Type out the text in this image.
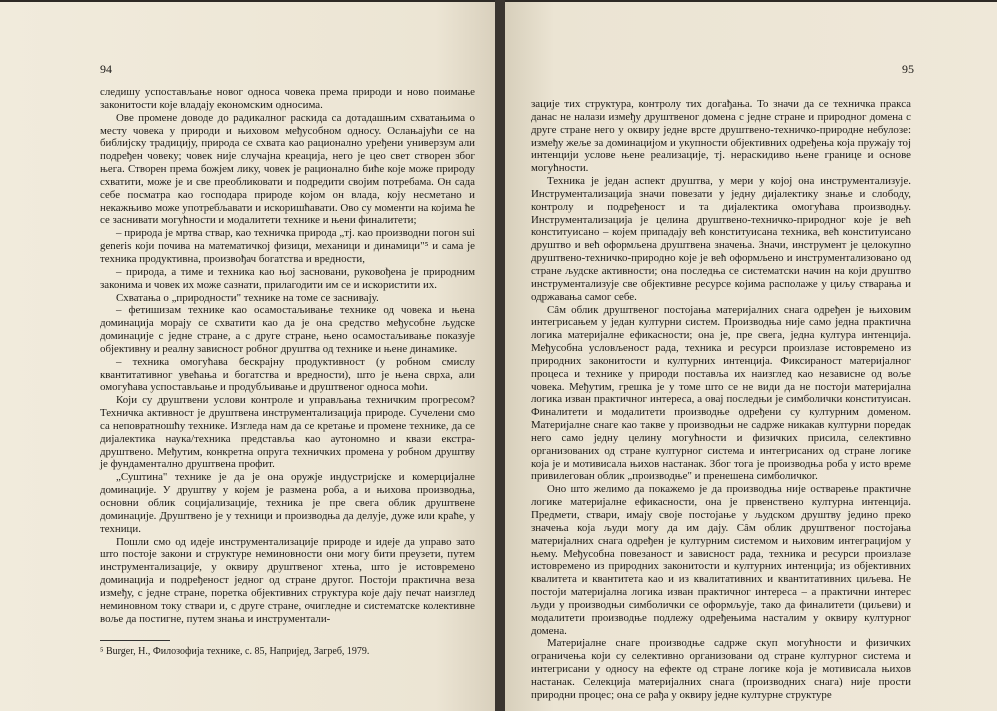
94

следишу успостављање новог односа човека према природи и ново поимање законитости које владају економским односима.

Ове промене доводе до радикалног раскида са дотадашњим схватањима о месту човека у природи и њиховом међусобном односу. Ослањајући се на библијску традицију, природа се схвата као рационално уређени универзум али подређен човеку; човек није случајна креација, него је цео свет створен због њега. Створен према божјем лику, човек је рационално биће које може природу схватити, може је и све преобликовати и подредити својим потребама. Он сада себе посматра као господара природе којом он влада, коју несметано и некажњиво може употребљавати и искоришћавати. Ово су моменти на којима ће се заснивати могућности и модалитети технике и њени финалитети;

– природа је мртва ствар, као техничка природа „тј. као производни погон sui generis који почива на математичкој физици, механици и динамици"⁵ и сама је техника продуктивна, произвођач богатства и вредности,

– природа, а тиме и техника као њој засновани, руковођена је природним законима и човек их може сазнати, прилагодити им се и искористити их.

Схватања о „природности" технике на томе се заснивају.

– фетишизам технике као осамостаљивање технике од човека и њена доминација морају се схватити као да је она средство међусобне људске доминације с једне стране, а с друге стране, њено осамостаљивање показује објективну и реалну зависност робног друштва од технике и њене динамике.

– техника омогућава бескрајну продуктивност (у робном смислу квантитативног увећања и богатства и вредности), што је њена сврха, али омогућава успостављање и продубљивање и друштвеног односа моћи.

Који су друштвени услови контроле и управљања техничким прогресом? Техничка активност је друштвена инструментализација природе. Сучелени смо са неповратношћу технике. Изгледа нам да се кретање и промене технике, да се дијалектика наука/техника представља као аутономно и квази екстра-друштвено. Међутим, конкретна опруга техничких промена у робном друштву је фундаментално друштвена профит.

„Суштина" технике је да је она оружје индустријске и комерцијалне доминације. У друштву у којем је размена роба, а и њихова производња, основни облик социјализације, техника је пре свега облик друштвене доминације. Друштвено је у техници и производња да делује, дуже или краће, у техници.

Пошли смо од идеје инструментализације природе и идеје да управо зато што постоје закони и структуре неминовности они могу бити преузети, путем инструментализације, у оквиру друштвеног хтења, што је истовремено доминација и подређеност једног од стране другог. Постоји практична веза између, с једне стране, поретка објективних структура које дају печат наизглед неминовном току ствари и, с друге стране, очигледне и систематске колективне воље да постигне, путем знања и инструментали-

⁵ Burger, H., Филозофија технике, с. 85, Напријед, Загреб, 1979.
95

зације тих структура, контролу тих догађања. То значи да се техничка пракса данас не налази између друштвеног домена с једне стране и природног домена с друге стране него у оквиру једне врсте друштвено-техничко-природне небулозе: између жеље за доминацијом и укупности објективних одређења која пружају тој интенцији услове њене реализације, тј. нераскидиво њене границе и основе могућности.

Техника је један аспект друштва, у мери у којој она инструментализује. Инструментализација значи повезати у једну дијалектику знање и слободу, контролу и подређеност и та дијалектика омогућава производњу. Инструментализација је целина друштвено-техничко-природног које је већ конституисано – којем припадају већ конституисана техника, већ конституисано друштво и већ оформљена друштвена значења. Значи, инструмент је целокупно друштвено-техничко-природно које је већ оформљено и инструментализовано од стране људске активности; она последња се систематски начин на који друштво инструментализује све објективне ресурсе којима располаже у циљу стварања и одржавања самог себе.

Сâм облик друштвеног постојања материјалних снага одређен је њиховим интегрисањем у један културни систем. Производња није само једна практична логика материјалне ефикасности; она је, пре свега, једна култура интенција. Међусобна условљеност рада, техника и ресурси произлазе истовремено из природних законитости и културних интенција. Фиксираност материјалног процеса и технике у природи поставља их наизглед као независне од воље човека. Међутим, грешка је у томе што се не види да не постоји материјална логика изван практичног интереса, а овај последњи је симболички конституисан. Финалитети и модалитети производње одређени су културним доменом. Материјалне снаге као такве у производњи не садрже никакав културни поредак него само једну целину могућности и физичких присила, селективно организованих од стране културног система и интегрисаних од стране логике која је и мотивисала њихов настанак. Због тога је производња роба у исто време привилегован облик „производње" и пренешена симболичког.

Оно што желимо да покажемо је да производња није остварење практичне логике материјалне ефикасности, она је првенствено културна интенција. Предмети, ствари, имају своје постојање у људском друштву једино преко значења која људи могу да им дају. Сâм облик друштвеног постојања материјалних снага одређен је културним системом и њиховим интеграцијом у њему. Међусобна повезаност и зависност рада, техника и ресурси произлазе истовремено из природних законитости и културних интенција; из објективних квалитета и квантитета као и из квалитативних и квантитативних циљева. Не постоји материјална логика изван практичног интереса – а практични интерес људи у производњи симболички се оформљује, тако да финалитети (циљеви) и модалитети производње подлежу одређењима насталим у оквиру културног домена.

Материјалне снаге производње садрже скуп могућности и физичких ограничења који су селективно организовани од стране културног система и интегрисани у односу на ефекте од стране логике која је мотивисала њихов настанак. Селекција материјалних снага (производних снага) није прости природни процес; она се рађа у оквиру једне културне структуре
